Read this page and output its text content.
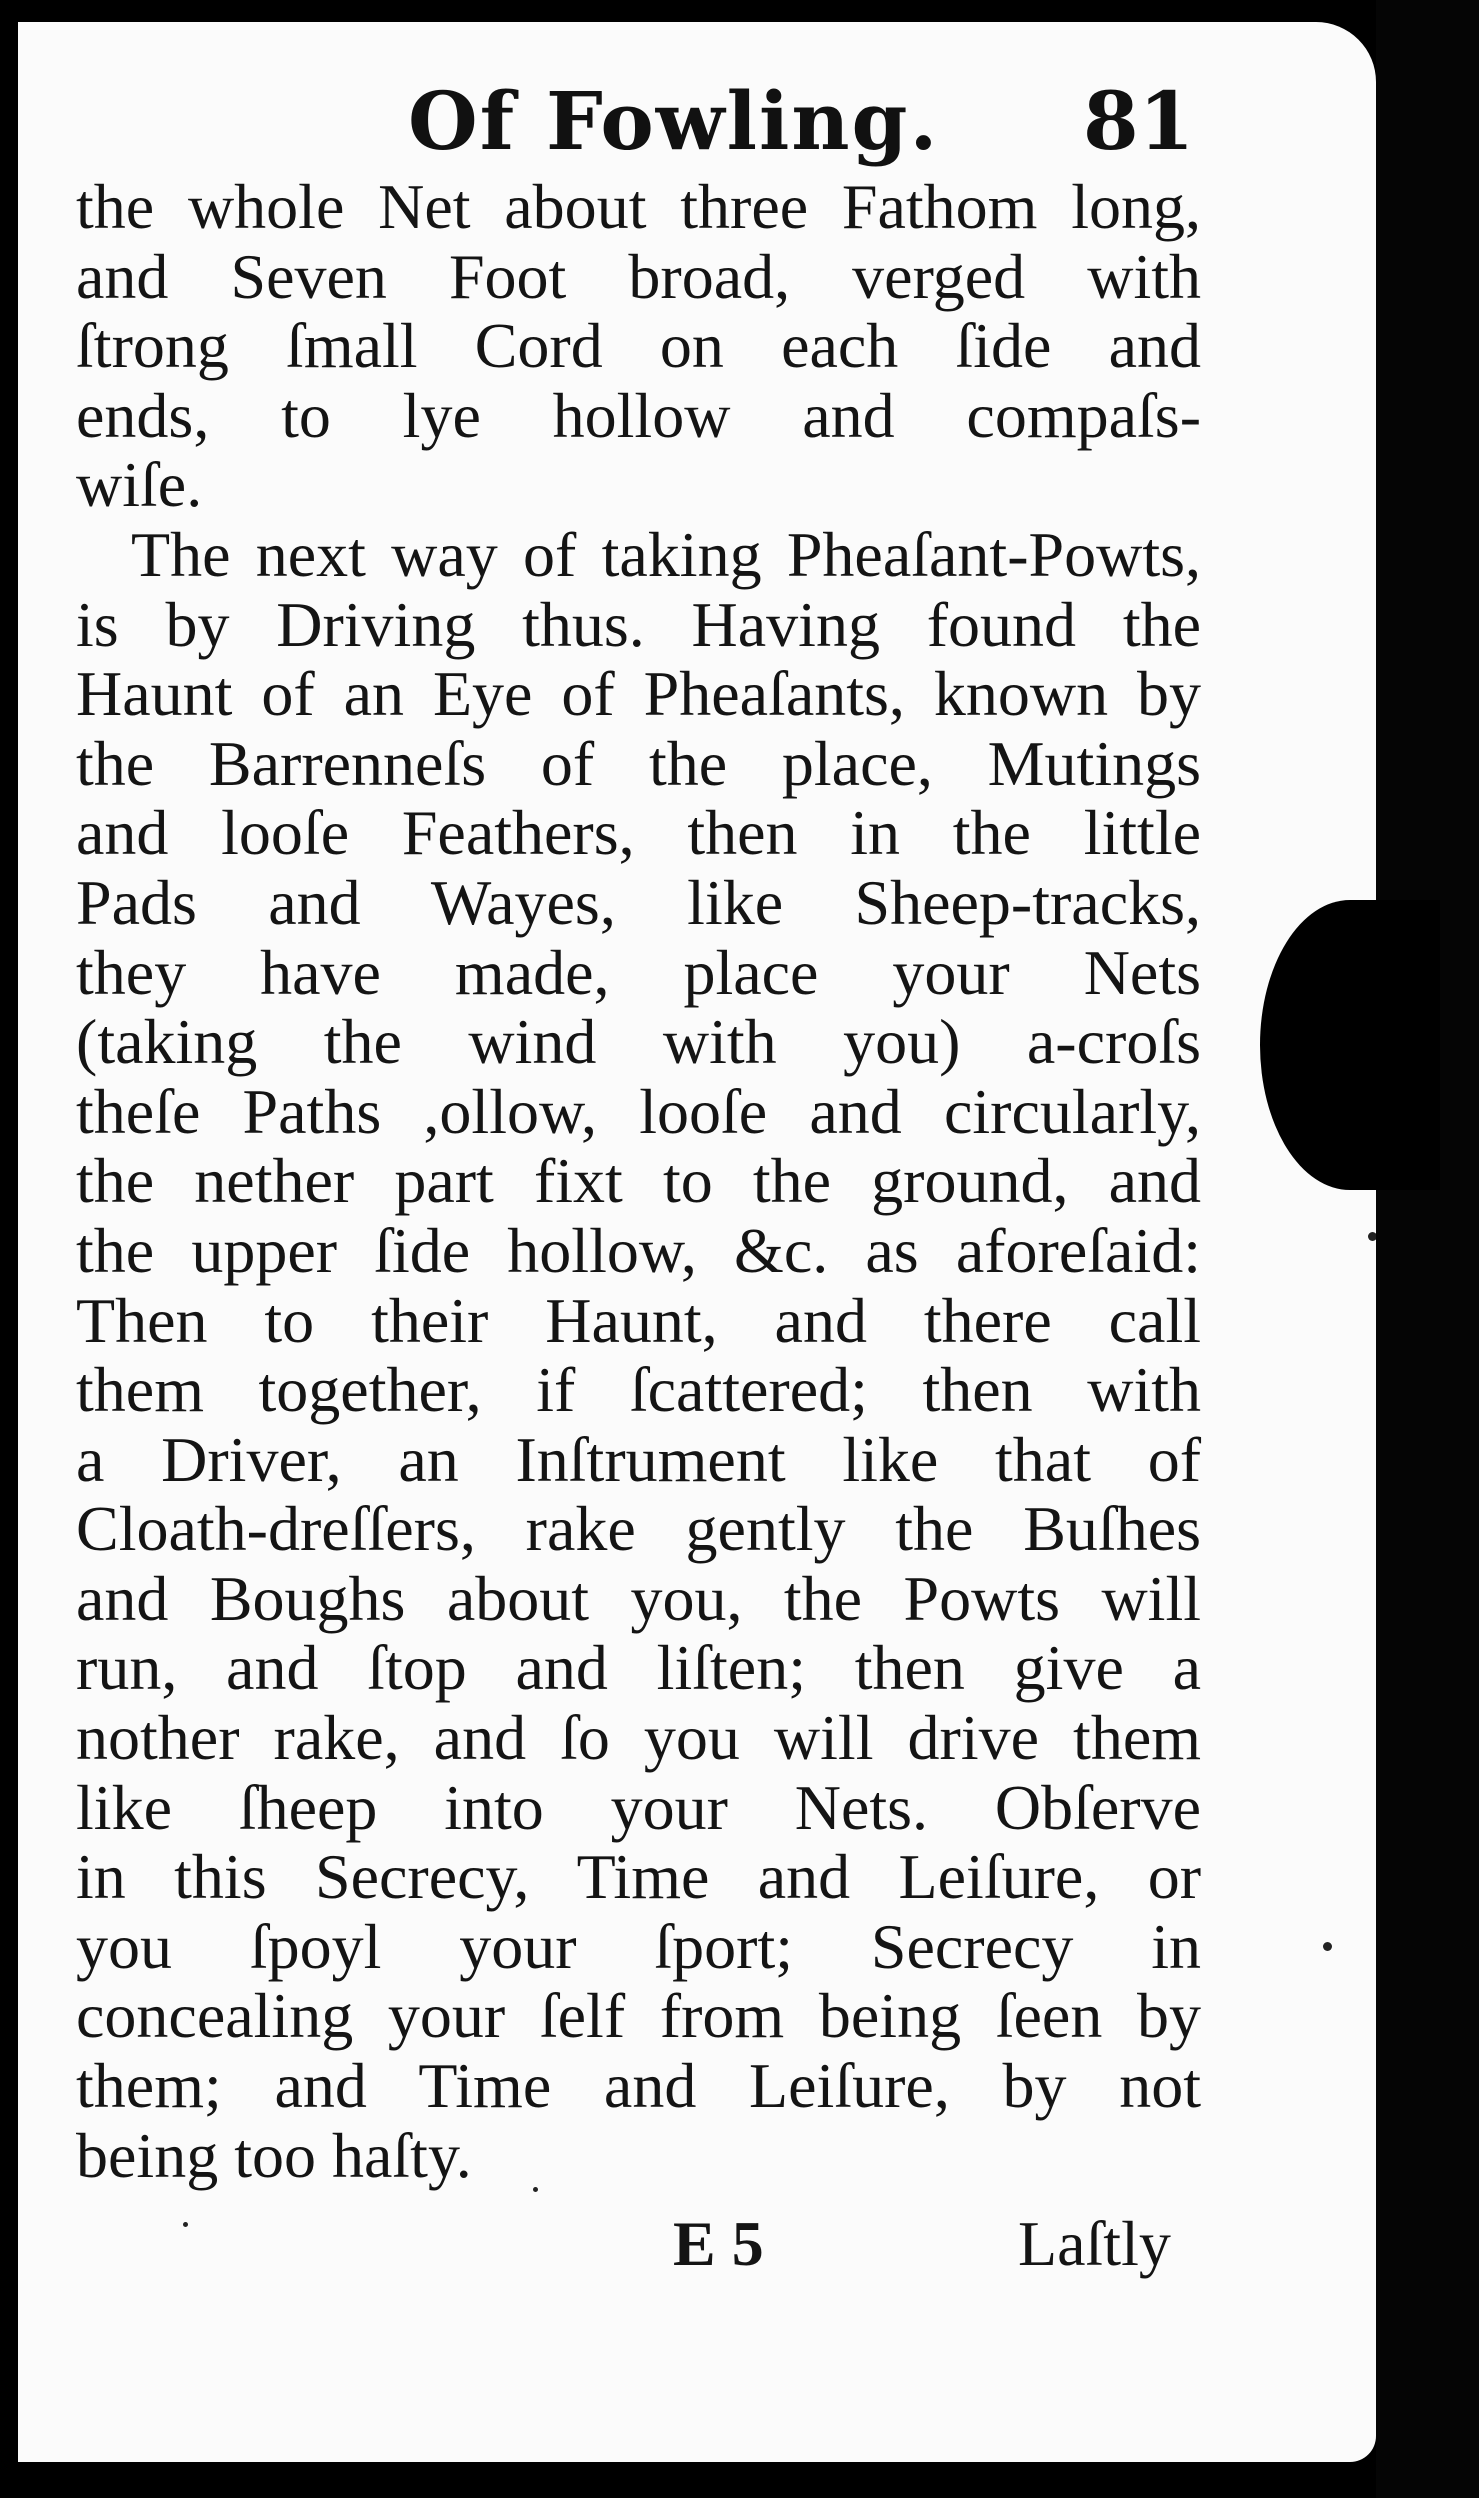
Of Fowling. 81
the whole Net about three Fathom long,
and Seven Foot broad, verged with
ſtrong ſmall Cord on each ſide and
ends, to lye hollow and compaſs-
wiſe.
The next way of taking Pheaſant-Powts,
is by Driving thus. Having found the
Haunt of an Eye of Pheaſants, known by
the Barrenneſs of the place, Mutings
and looſe Feathers, then in the little
Pads and Wayes, like Sheep-tracks,
they have made, place your Nets
(taking the wind with you) a-croſs
theſe Paths ,ollow, looſe and circularly,
the nether part fixt to the ground, and
the upper ſide hollow, &c. as aforeſaid:
Then to their Haunt, and there call
them together, if ſcattered; then with
a Driver, an Inſtrument like that of
Cloath-dreſſers, rake gently the Buſhes
and Boughs about you, the Powts will
run, and ſtop and liſten; then give a
nother rake, and ſo you will drive them
like ſheep into your Nets. Obſerve
in this Secrecy, Time and Leiſure, or
you ſpoyl your ſport; Secrecy in
concealing your ſelf from being ſeen by
them; and Time and Leiſure, by not
being too haſty.
E 5	Laſtly
